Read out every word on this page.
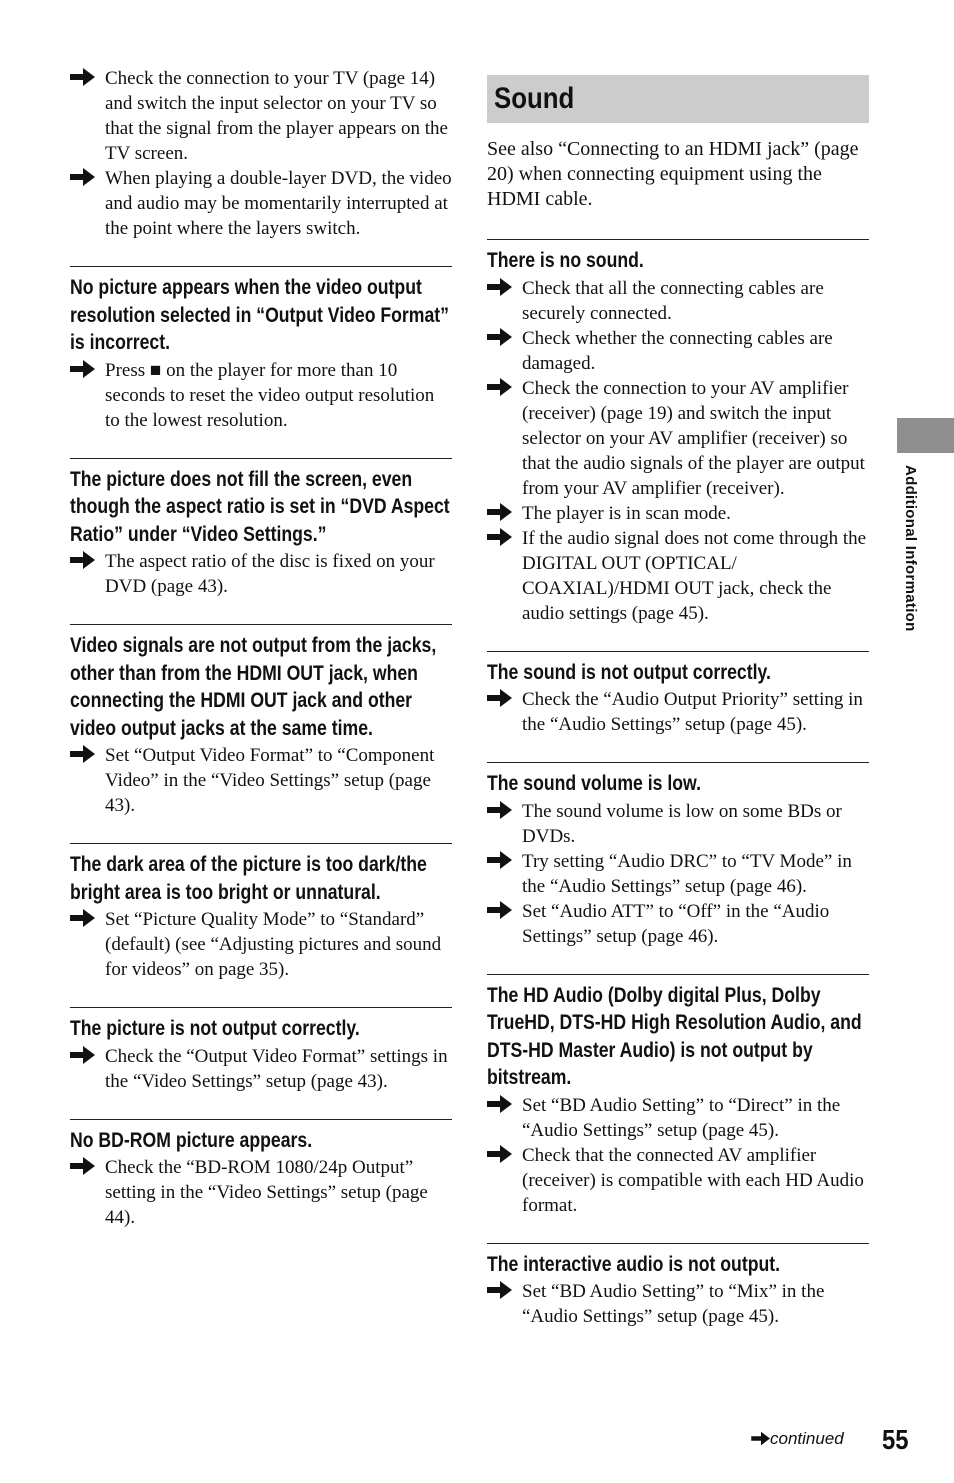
Check the connection to your TV (page 14) and switch the input selector on your TV so that the signal from the player appears on the TV screen.

When playing a double-layer DVD, the video and audio may be momentarily interrupted at the point where the layers switch.

No picture appears when the video output resolution selected in “Output Video Format” is incorrect.

Press ■ on the player for more than 10 seconds to reset the video output resolution to the lowest resolution.

The picture does not fill the screen, even though the aspect ratio is set in “DVD Aspect Ratio” under “Video Settings.”

The aspect ratio of the disc is fixed on your DVD (page 43).

Video signals are not output from the jacks, other than from the HDMI OUT jack, when connecting the HDMI OUT jack and other video output jacks at the same time.

Set “Output Video Format” to “Component Video” in the “Video Settings” setup (page 43).

The dark area of the picture is too dark/the bright area is too bright or unnatural.

Set “Picture Quality Mode” to “Standard” (default) (see “Adjusting pictures and sound for videos” on page 35).

The picture is not output correctly.

Check the “Output Video Format” settings in the “Video Settings” setup (page 43).

No BD-ROM picture appears.

Check the “BD-ROM 1080/24p Output” setting in the “Video Settings” setup (page 44).

Sound

See also “Connecting to an HDMI jack” (page 20) when connecting equipment using the HDMI cable.

There is no sound.

Check that all the connecting cables are securely connected.

Check whether the connecting cables are damaged.

Check the connection to your AV amplifier (receiver) (page 19) and switch the input selector on your AV amplifier (receiver) so that the audio signals of the player are output from your AV amplifier (receiver).

The player is in scan mode.

If the audio signal does not come through the DIGITAL OUT (OPTICAL/ COAXIAL)/HDMI OUT jack, check the audio settings (page 45).

The sound is not output correctly.

Check the “Audio Output Priority” setting in the “Audio Settings” setup (page 45).

The sound volume is low.

The sound volume is low on some BDs or DVDs.

Try setting “Audio DRC” to “TV Mode” in the “Audio Settings” setup (page 46).

Set “Audio ATT” to “Off” in the “Audio Settings” setup (page 46).

The HD Audio (Dolby digital Plus, Dolby TrueHD, DTS-HD High Resolution Audio, and DTS-HD Master Audio) is not output by bitstream.

Set “BD Audio Setting” to “Direct” in the “Audio Settings” setup (page 45).

Check that the connected AV amplifier (receiver) is compatible with each HD Audio format.

The interactive audio is not output.

Set “BD Audio Setting” to “Mix” in the “Audio Settings” setup (page 45).

Additional Information
continued 55
